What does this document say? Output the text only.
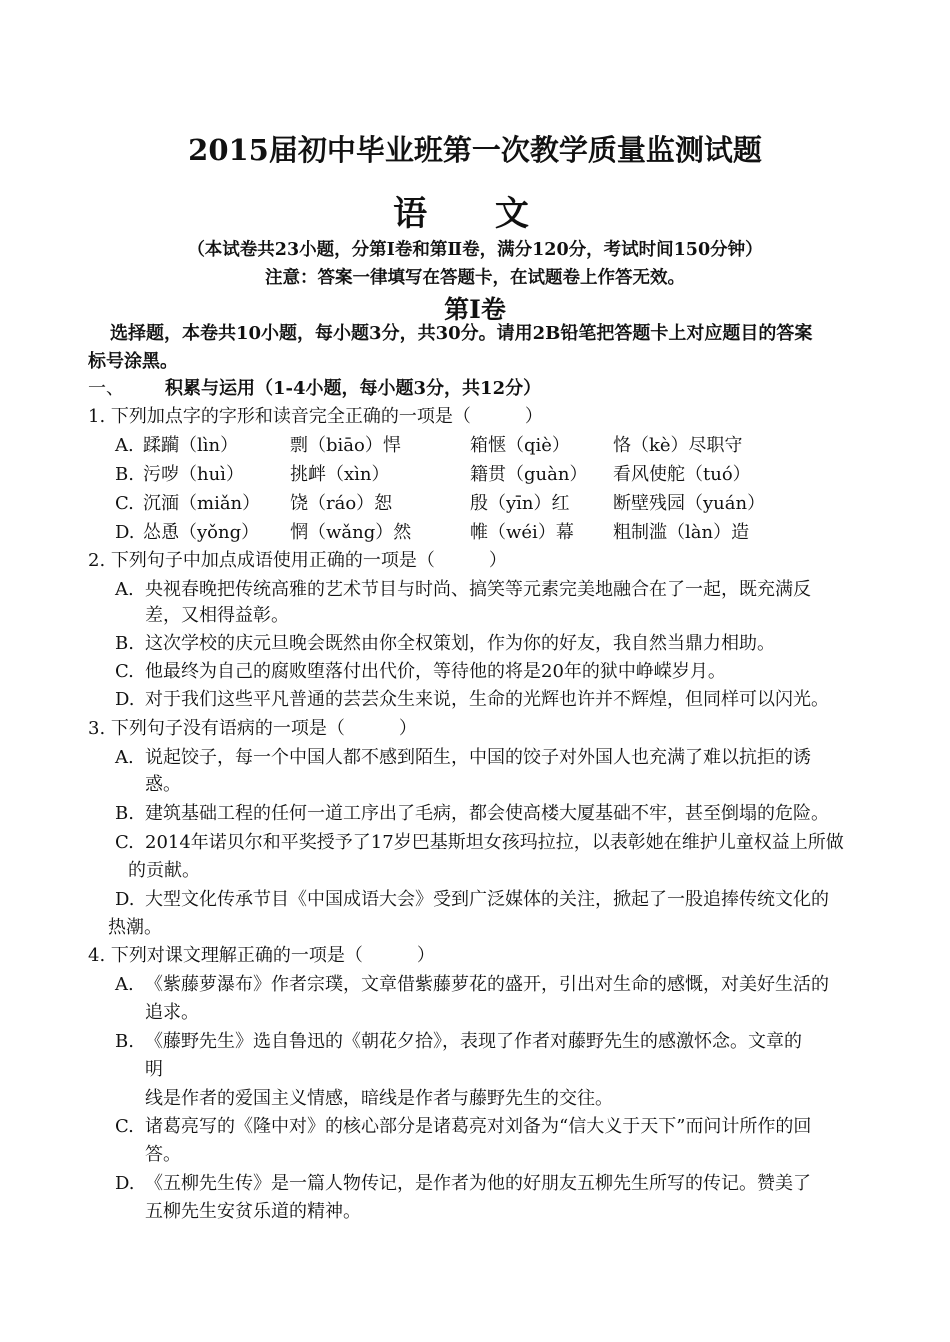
2015届初中毕业班第一次教学质量监测试题
语 文
（本试卷共23小题，分第Ⅰ卷和第Ⅱ卷，满分120分，考试时间150分钟）
注意：答案一律填写在答题卡，在试题卷上作答无效。
第Ⅰ卷
选择题，本卷共10小题，每小题3分，共30分。请用2B铅笔把答题卡上对应题目的答案
标号涂黑。
一、 积累与运用（1-4小题，每小题3分，共12分）
1. 下列加点字的字形和读音完全正确的一项是（　　　）
A. 蹂躏（lìn）	剽（biāo）悍	箱惬（qiè） 恪（kè）尽职守
B. 污哕（huì）	挑衅（xìn）	籍贯（guàn） 看风使舵（tuó）
C. 沉湎（miǎn） 饶（ráo）恕	殷（yīn）红 断壁残园（yuán）
D. 怂恿（yǒng） 惘（wǎng）然	帷（wéi）幕 粗制滥（làn）造
2. 下列句子中加点成语使用正确的一项是（　　　）
A. 央视春晚把传统高雅的艺术节目与时尚、搞笑等元素完美地融合在了一起，既充满反
差，又相得益彰。
B. 这次学校的庆元旦晚会既然由你全权策划，作为你的好友，我自然当鼎力相助。
C. 他最终为自己的腐败堕落付出代价，等待他的将是20年的狱中峥嵘岁月。
D. 对于我们这些平凡普通的芸芸众生来说，生命的光辉也许并不辉煌，但同样可以闪光。
3. 下列句子没有语病的一项是（　　　）
A. 说起饺子，每一个中国人都不感到陌生，中国的饺子对外国人也充满了难以抗拒的诱
惑。
B. 建筑基础工程的任何一道工序出了毛病，都会使高楼大厦基础不牢，甚至倒塌的危险。
C. 2014年诺贝尔和平奖授予了17岁巴基斯坦女孩玛拉拉，以表彰她在维护儿童权益上所做
的贡献。
D. 大型文化传承节目《中国成语大会》受到广泛媒体的关注，掀起了一股追捧传统文化的
热潮。
4. 下列对课文理解正确的一项是（　　　）
A. 《紫藤萝瀑布》作者宗璞，文章借紫藤萝花的盛开，引出对生命的感慨，对美好生活的
追求。
B. 《藤野先生》选自鲁迅的《朝花夕拾》，表现了作者对藤野先生的感激怀念。文章的
明
线是作者的爱国主义情感，暗线是作者与藤野先生的交往。
C. 诸葛亮写的《隆中对》的核心部分是诸葛亮对刘备为“信大义于天下”而问计所作的回
答。
D. 《五柳先生传》是一篇人物传记，是作者为他的好朋友五柳先生所写的传记。赞美了
五柳先生安贫乐道的精神。
